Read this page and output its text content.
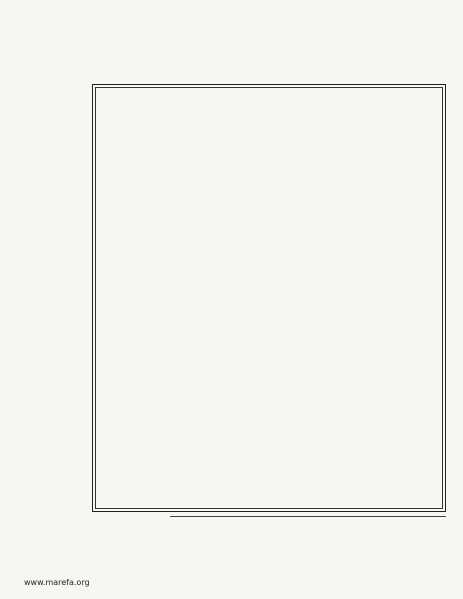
www.marefa.org
